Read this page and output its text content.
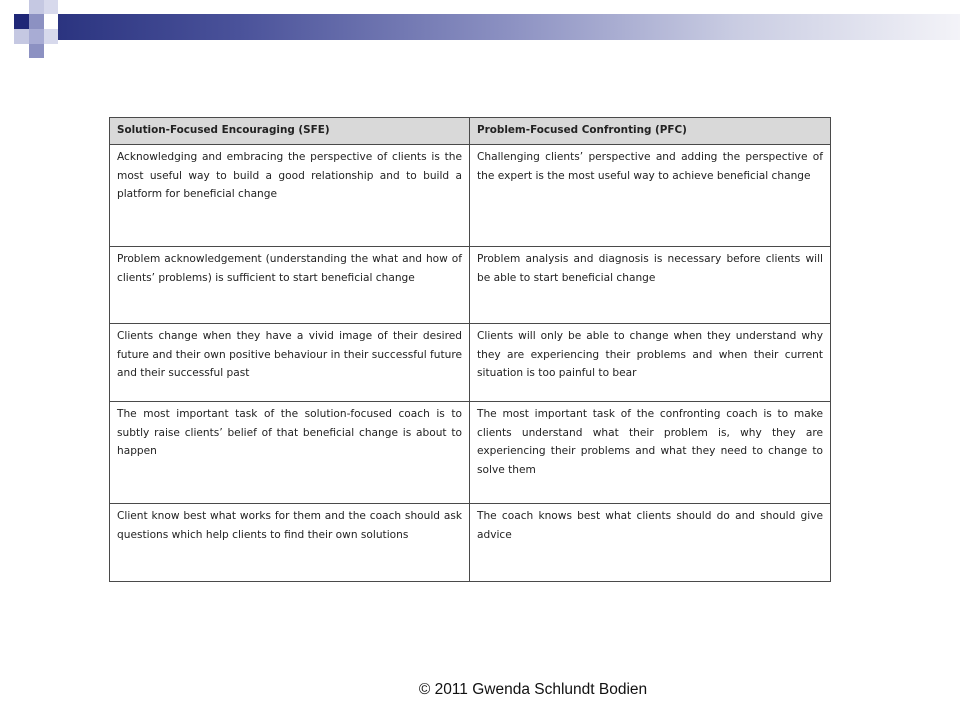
Solution-Focused Encouraging (SFE)	Problem-Focused Confronting (PFC)
Acknowledging and embracing the perspective of clients is the most useful way to build a good relationship and to build a platform for beneficial change	Challenging clients’ perspective and adding the perspective of the expert is the most useful way to achieve beneficial change
Problem acknowledgement (understanding the what and how of clients’ problems) is sufficient to start beneficial change	Problem analysis and diagnosis is necessary before clients will be able to start beneficial change
Clients change when they have a vivid image of their desired future and their own positive behaviour in their successful future and their successful past	Clients will only be able to change when they understand why they are experiencing their problems and when their current situation is too painful to bear
The most important task of the solution-focused coach is to subtly raise clients’ belief of that beneficial change is about to happen	The most important task of the confronting coach is to make clients understand what their problem is, why they are experiencing their problems and what they need to change to solve them
Client know best what works for them and the coach should ask questions which help clients to find their own solutions	The coach knows best what clients should do and should give advice
© 2011 Gwenda Schlundt Bodien
